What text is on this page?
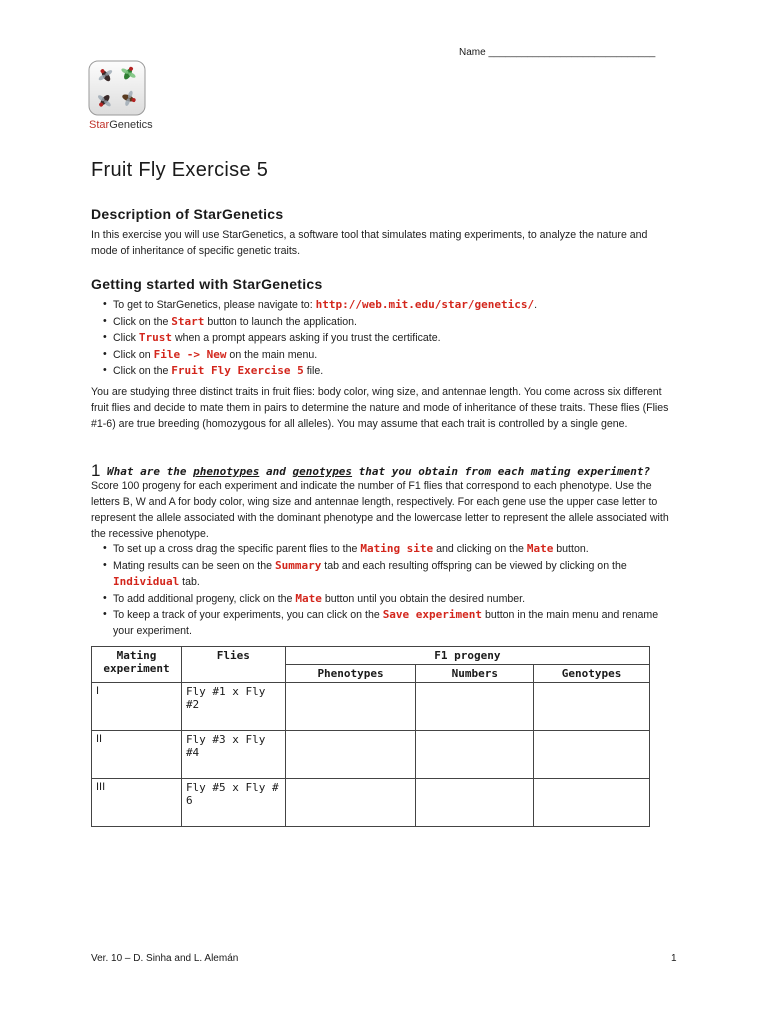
Name ______________________________
StarGenetics
Fruit Fly Exercise 5
Description of StarGenetics
In this exercise you will use StarGenetics, a software tool that simulates mating experiments, to analyze the nature and mode of inheritance of specific genetic traits.
Getting started with StarGenetics
• To get to StarGenetics, please navigate to: http://web.mit.edu/star/genetics/.
• Click on the Start button to launch the application.
• Click Trust when a prompt appears asking if you trust the certificate.
• Click on File -> New on the main menu.
• Click on the Fruit Fly Exercise 5 file.
You are studying three distinct traits in fruit flies: body color, wing size, and antennae length. You come across six different fruit flies and decide to mate them in pairs to determine the nature and mode of inheritance of these traits. These flies (Flies #1-6) are true breeding (homozygous for all alleles). You may assume that each trait is controlled by a single gene.
1 What are the phenotypes and genotypes that you obtain from each mating experiment?
Score 100 progeny for each experiment and indicate the number of F1 flies that correspond to each phenotype. Use the letters B, W and A for body color, wing size and antennae length, respectively. For each gene use the upper case letter to represent the allele associated with the dominant phenotype and the lowercase letter to represent the allele associated with the recessive phenotype.
• To set up a cross drag the specific parent flies to the Mating site and clicking on the Mate button.
• Mating results can be seen on the Summary tab and each resulting offspring can be viewed by clicking on the Individual tab.
• To add additional progeny, click on the Mate button until you obtain the desired number.
• To keep a track of your experiments, you can click on the Save experiment button in the main menu and rename your experiment.
Mating experiment	Flies	F1 progeny		
		Phenotypes	Numbers	Genotypes
I	Fly #1 x Fly #2			
II	Fly #3 x Fly #4			
III	Fly #5 x Fly # 6			
Ver. 10 – D. Sinha and L. Alemán	1
